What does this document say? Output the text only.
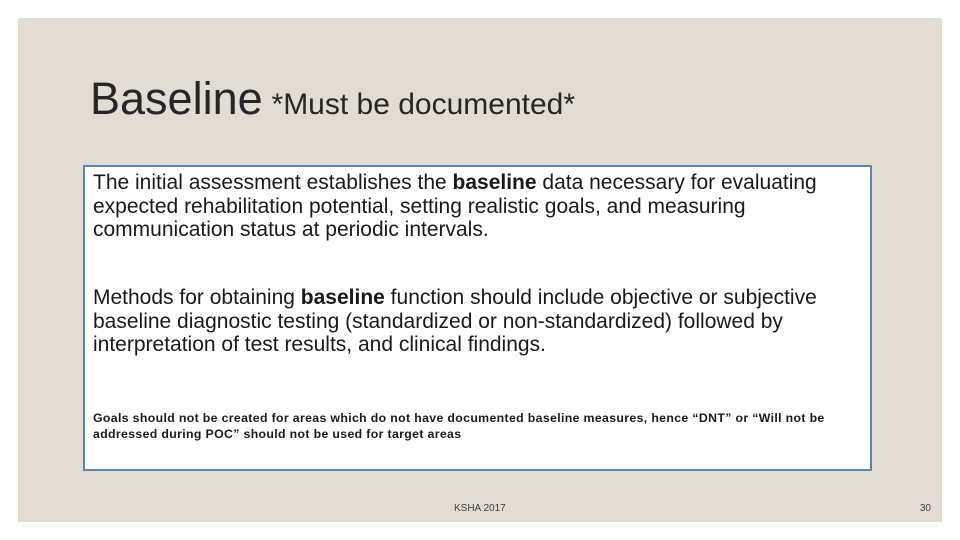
Baseline *Must be documented*

The initial assessment establishes the baseline data necessary for evaluating expected rehabilitation potential, setting realistic goals, and measuring communication status at periodic intervals.

Methods for obtaining baseline function should include objective or subjective baseline diagnostic testing (standardized or non-standardized) followed by interpretation of test results, and clinical findings.

Goals should not be created for areas which do not have documented baseline measures, hence “DNT” or “Will not be addressed during POC” should not be used for target areas

KSHA 2017	30
